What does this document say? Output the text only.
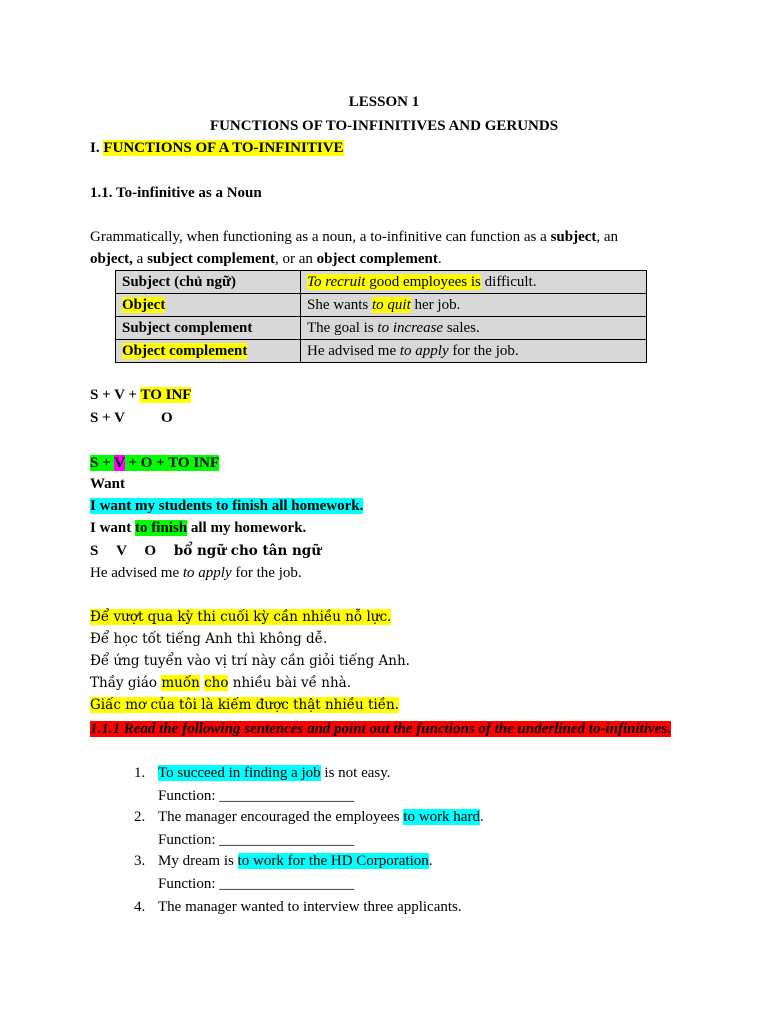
LESSON 1
FUNCTIONS OF TO-INFINITIVES AND GERUNDS
I. FUNCTIONS OF A TO-INFINITIVE
1.1. To-infinitive as a Noun
Grammatically, when functioning as a noun, a to-infinitive can function as a subject, an
object, a subject complement, or an object complement.
Subject (chủ ngữ)	To recruit good employees is difficult.
Object	She wants to quit her job.
Subject complement	The goal is to increase sales.
Object complement	He advised me to apply for the job.
S + V + TO INF
S + V O
S + V + O + TO INF
Want
I want my students to finish all homework.
I want to finish all my homework.
S V O bổ ngữ cho tân ngữ
He advised me to apply for the job.
Để vượt qua kỳ thi cuối kỳ cần nhiều nỗ lực.
Để học tốt tiếng Anh thì không dễ.
Để ứng tuyển vào vị trí này cần giỏi tiếng Anh.
Thầy giáo muốn cho nhiều bài về nhà.
Giấc mơ của tôi là kiếm được thật nhiều tiền.
1.1.1 Read the following sentences and point out the functions of the underlined to-infinitives.
1. To succeed in finding a job is not easy.
Function: __________________
2. The manager encouraged the employees to work hard.
Function: __________________
3. My dream is to work for the HD Corporation.
Function: __________________
4. The manager wanted to interview three applicants.
